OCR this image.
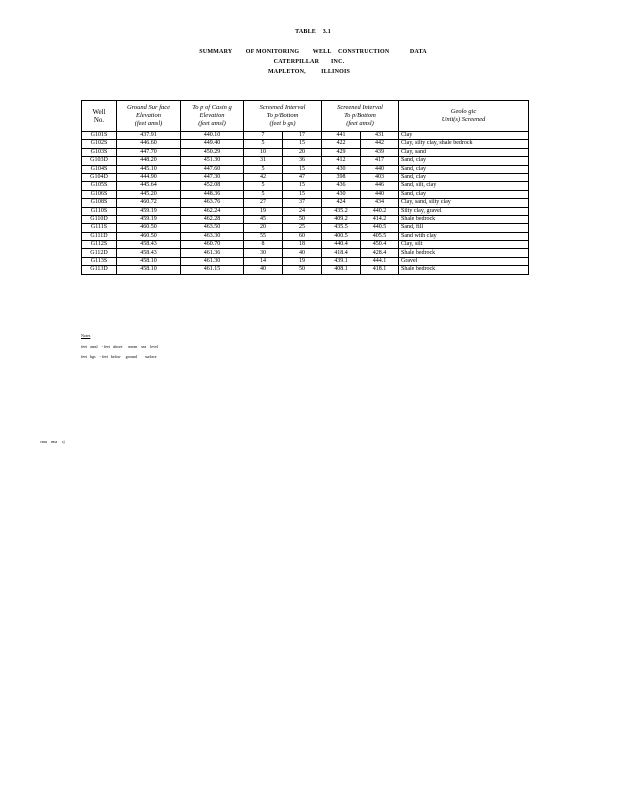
TABLE    3.1
SUMMARY        OF MONITORING        WELL    CONSTRUCTION            DATA
CATERPILLAR       INC.
MAPLETON,         ILLINOIS
Well
No.	Ground Sur face
Elevation
(feet amsl)	To p of Casin g
Elevation
(feet amsl)	Screened Interval
To p/Bottom
(feet b gs)		Screened Interval
To p/Bottom
(feet amsl)		Geolo gic
Unit(s) Screened

G101S	437.91	440.10	7	17	441	431	Clay
G102S	446.60	449.40	5	15	422	442	Clay, silty clay, shale bedrock
G103S	447.70	450.29	10	20	429	439	Clay, sand
G103D	448.20	451.30	31	36	412	417	Sand, clay
G104S	445.10	447.60	5	15	430	440	Sand, clay
G104D	444.90	447.30	42	47	398	403	Sand, clay
G105S	445.64	452.08	5	15	436	446	Sand, silt, clay
G106S	445.20	448.36	5	15	430	440	Sand, clay
G108S	460.72	463.76	27	37	424	434	Clay, sand, silty clay
G110S	459.19	462.24	19	24	435.2	440.2	Silty clay, gravel
G110D	459.19	462.28	45	50	409.2	414.2	Shale bedrock
G111S	460.50	463.50	20	25	435.5	440.5	Sand, fill
G111D	460.50	463.30	55	60	400.5	405.5	Sand with clay
G112S	458.43	460.70	8	18	440.4	450.4	Clay, silt
G112D	458.43	461.36	30	40	418.4	428.4	Shale bedrock
G113S	458.10	461.30	14	19	439.1	444.1	Gravel
G113D	458.10	461.15	40	50	408.1	418.1	Shale bedrock
Notes
feet   amsl    - feet   above      mean    sea    level
feet   bgs    - feet   below     ground        surface
cmu    rma     rj
